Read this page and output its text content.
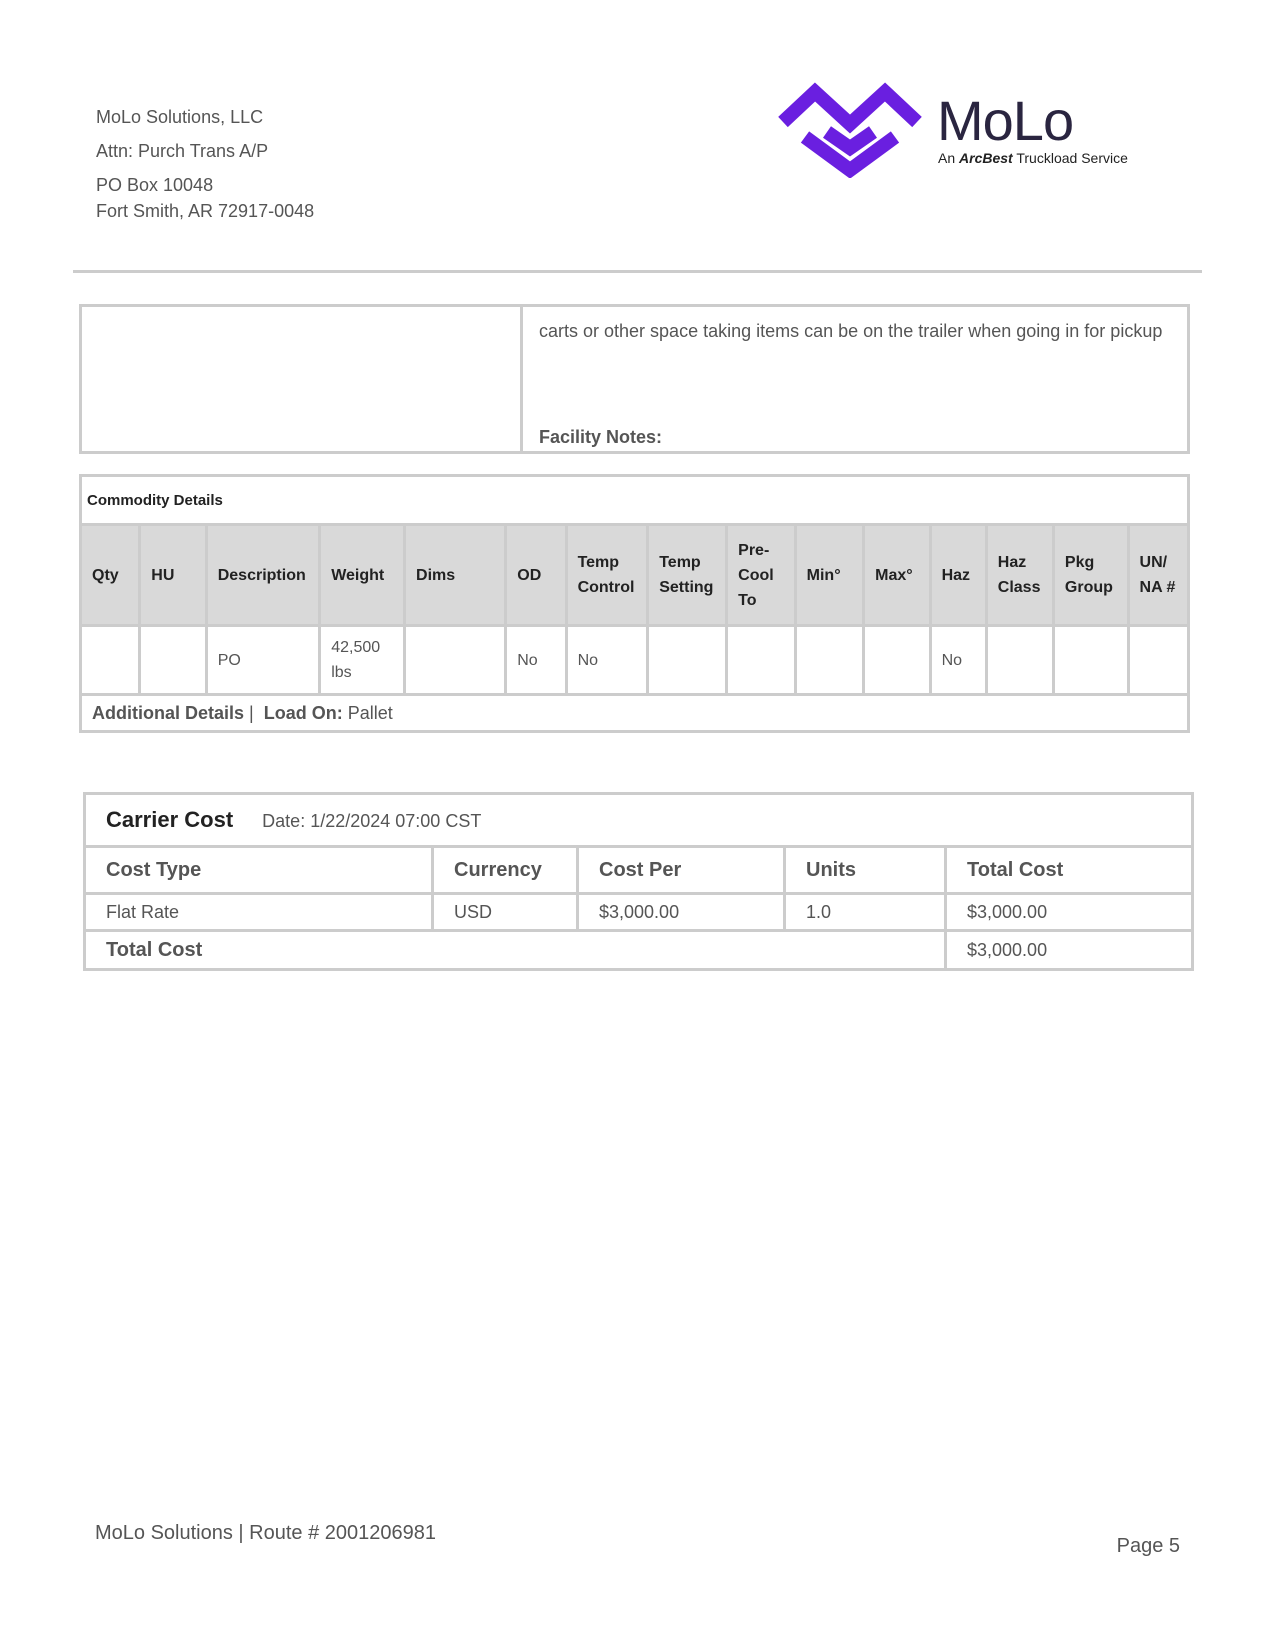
MoLo Solutions, LLC
Attn: Purch Trans A/P
PO Box 10048
Fort Smith, AR 72917-0048
MoLo
An ArcBest Truckload Service

carts or other space taking items can be on the trailer when going in for pickup
Facility Notes:
Commodity Details														
Qty	HU	Description	Weight	Dims	OD	Temp Control	Temp Setting	Pre-Cool To	Min°	Max°	Haz	Haz Class	Pkg Group	UN/ NA #
		PO	42,500 lbs		No	No					No			
Additional Details | Load On: Pallet														
Carrier Cost Date: 1/22/2024 07:00 CST				
Cost Type	Currency	Cost Per	Units	Total Cost
Flat Rate	USD	$3,000.00	1.0	$3,000.00
Total Cost				$3,000.00
MoLo Solutions | Route # 2001206981
Page 5
